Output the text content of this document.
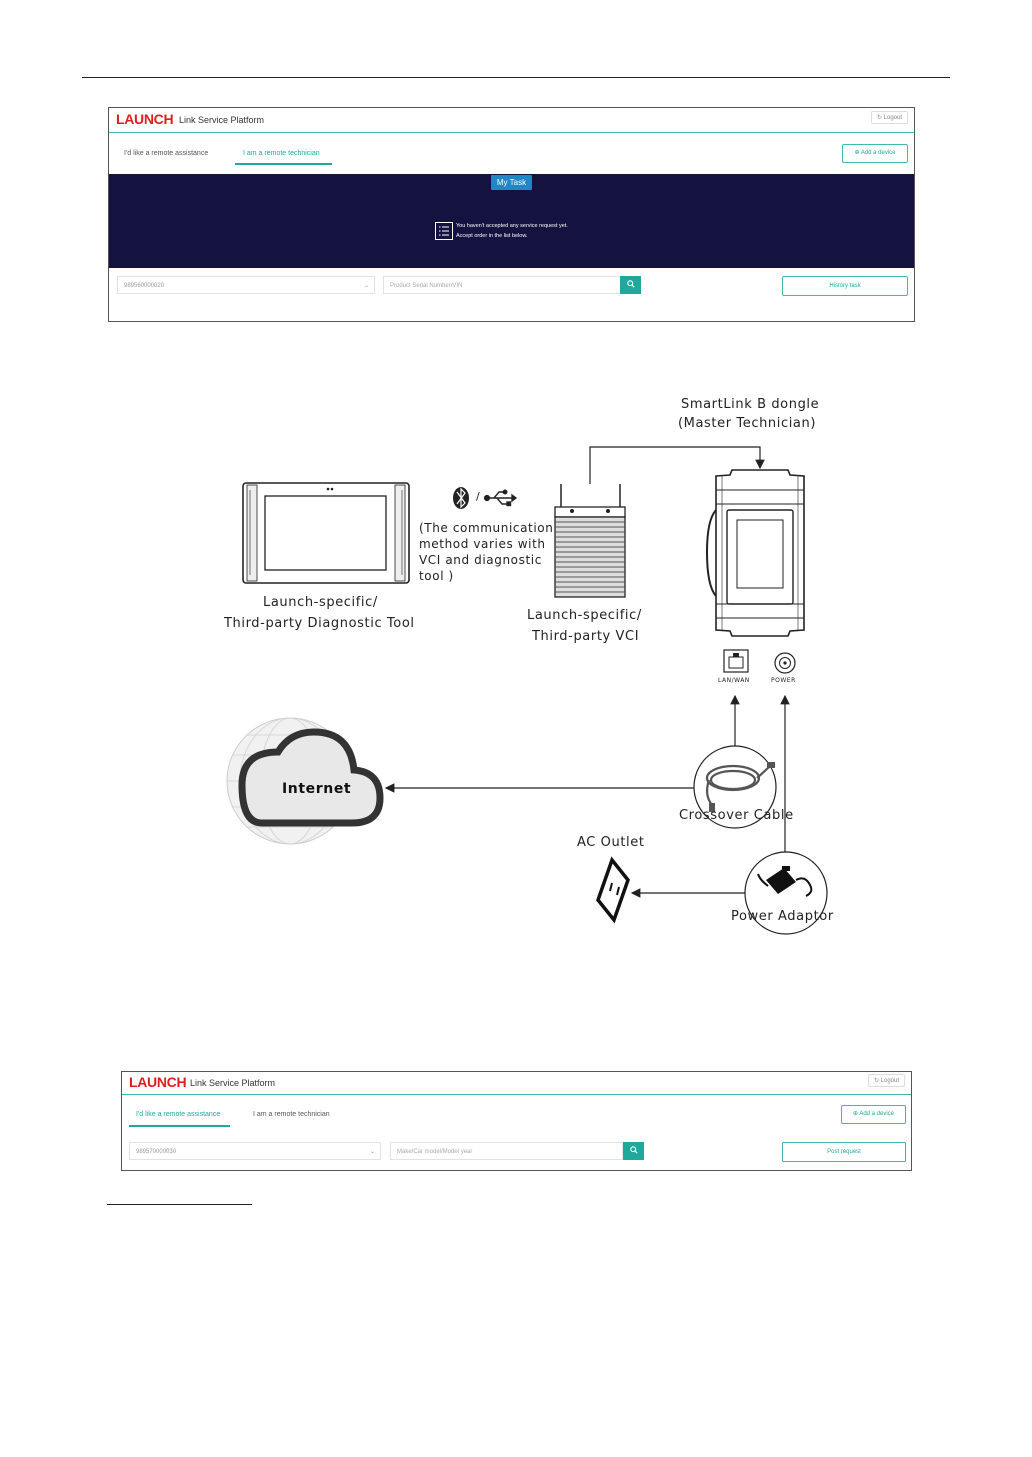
LAUNCH Link Service Platform	↻ Logout
I'd like a remote assistance	I am a remote technician	⊕ Add a device
My Task
You haven't accepted any service request yet.
Accept order in the list below.
989560000020	⌄	Product Serial Number/VIN	History task
SmartLink B dongle
(Master Technician)
/
(The communication
method varies with
VCI and diagnostic
tool )
Launch-specific/
Third-party Diagnostic Tool
Launch-specific/
Third-party VCI
LAN/WAN	POWER
Internet
Crossover Cable
AC Outlet
Power Adaptor
LAUNCH Link Service Platform	↻ Logout
I'd like a remote assistance	I am a remote technician	⊕ Add a device
989570000030	⌄	Make/Car model/Model year	Post request
